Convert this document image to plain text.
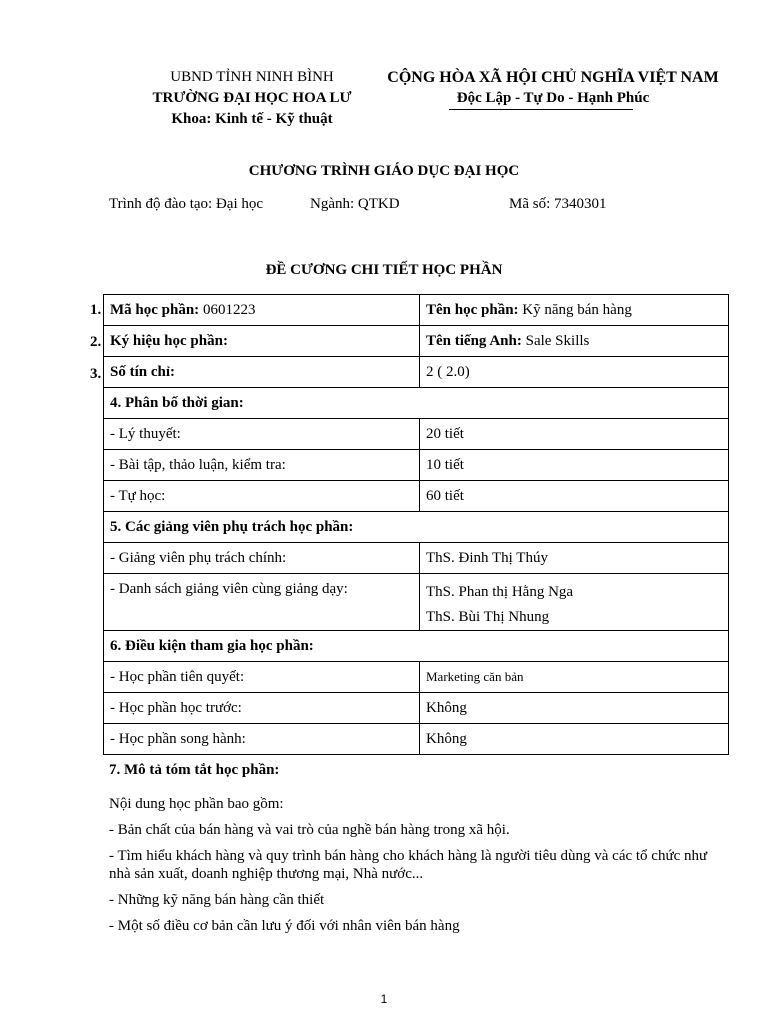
UBND TỈNH NINH BÌNH
TRƯỜNG ĐẠI HỌC HOA LƯ
Khoa: Kinh tế - Kỹ thuật
CỘNG HÒA XÃ HỘI CHỦ NGHĨA VIỆT NAM
Độc Lập - Tự Do - Hạnh Phúc
CHƯƠNG TRÌNH GIÁO DỤC ĐẠI HỌC
Trình độ đào tạo: Đại học	Ngành: QTKD	Mã số: 7340301
ĐỀ CƯƠNG CHI TIẾT HỌC PHẦN
1.
2.
3.
Mã học phần: 0601223	Tên học phần: Kỹ năng bán hàng
Ký hiệu học phần:	Tên tiếng Anh: Sale Skills
Số tín chỉ:	2 ( 2.0)
4. Phân bố thời gian:	
- Lý thuyết:	20 tiết
- Bài tập, thảo luận, kiểm tra:	10 tiết
- Tự học:	60 tiết
5. Các giảng viên phụ trách học phần:	
- Giảng viên phụ trách chính:	ThS. Đinh Thị Thúy
- Danh sách giảng viên cùng giảng dạy:	ThS. Phan thị Hằng Nga
ThS. Bùi Thị Nhung

6. Điều kiện tham gia học phần:	
- Học phần tiên quyết:	Marketing căn bản
- Học phần học trước:	Không
- Học phần song hành:	Không
7. Mô tả tóm tắt học phần:

Nội dung học phần bao gồm:

- Bản chất của bán hàng và vai trò của nghề bán hàng trong xã hội.

- Tìm hiểu khách hàng và quy trình bán hàng cho khách hàng là người tiêu dùng và các tổ chức như nhà sản xuất, doanh nghiệp thương mại, Nhà nước...

- Những kỹ năng bán hàng cần thiết

- Một số điều cơ bản cần lưu ý đối với nhân viên bán hàng

1
